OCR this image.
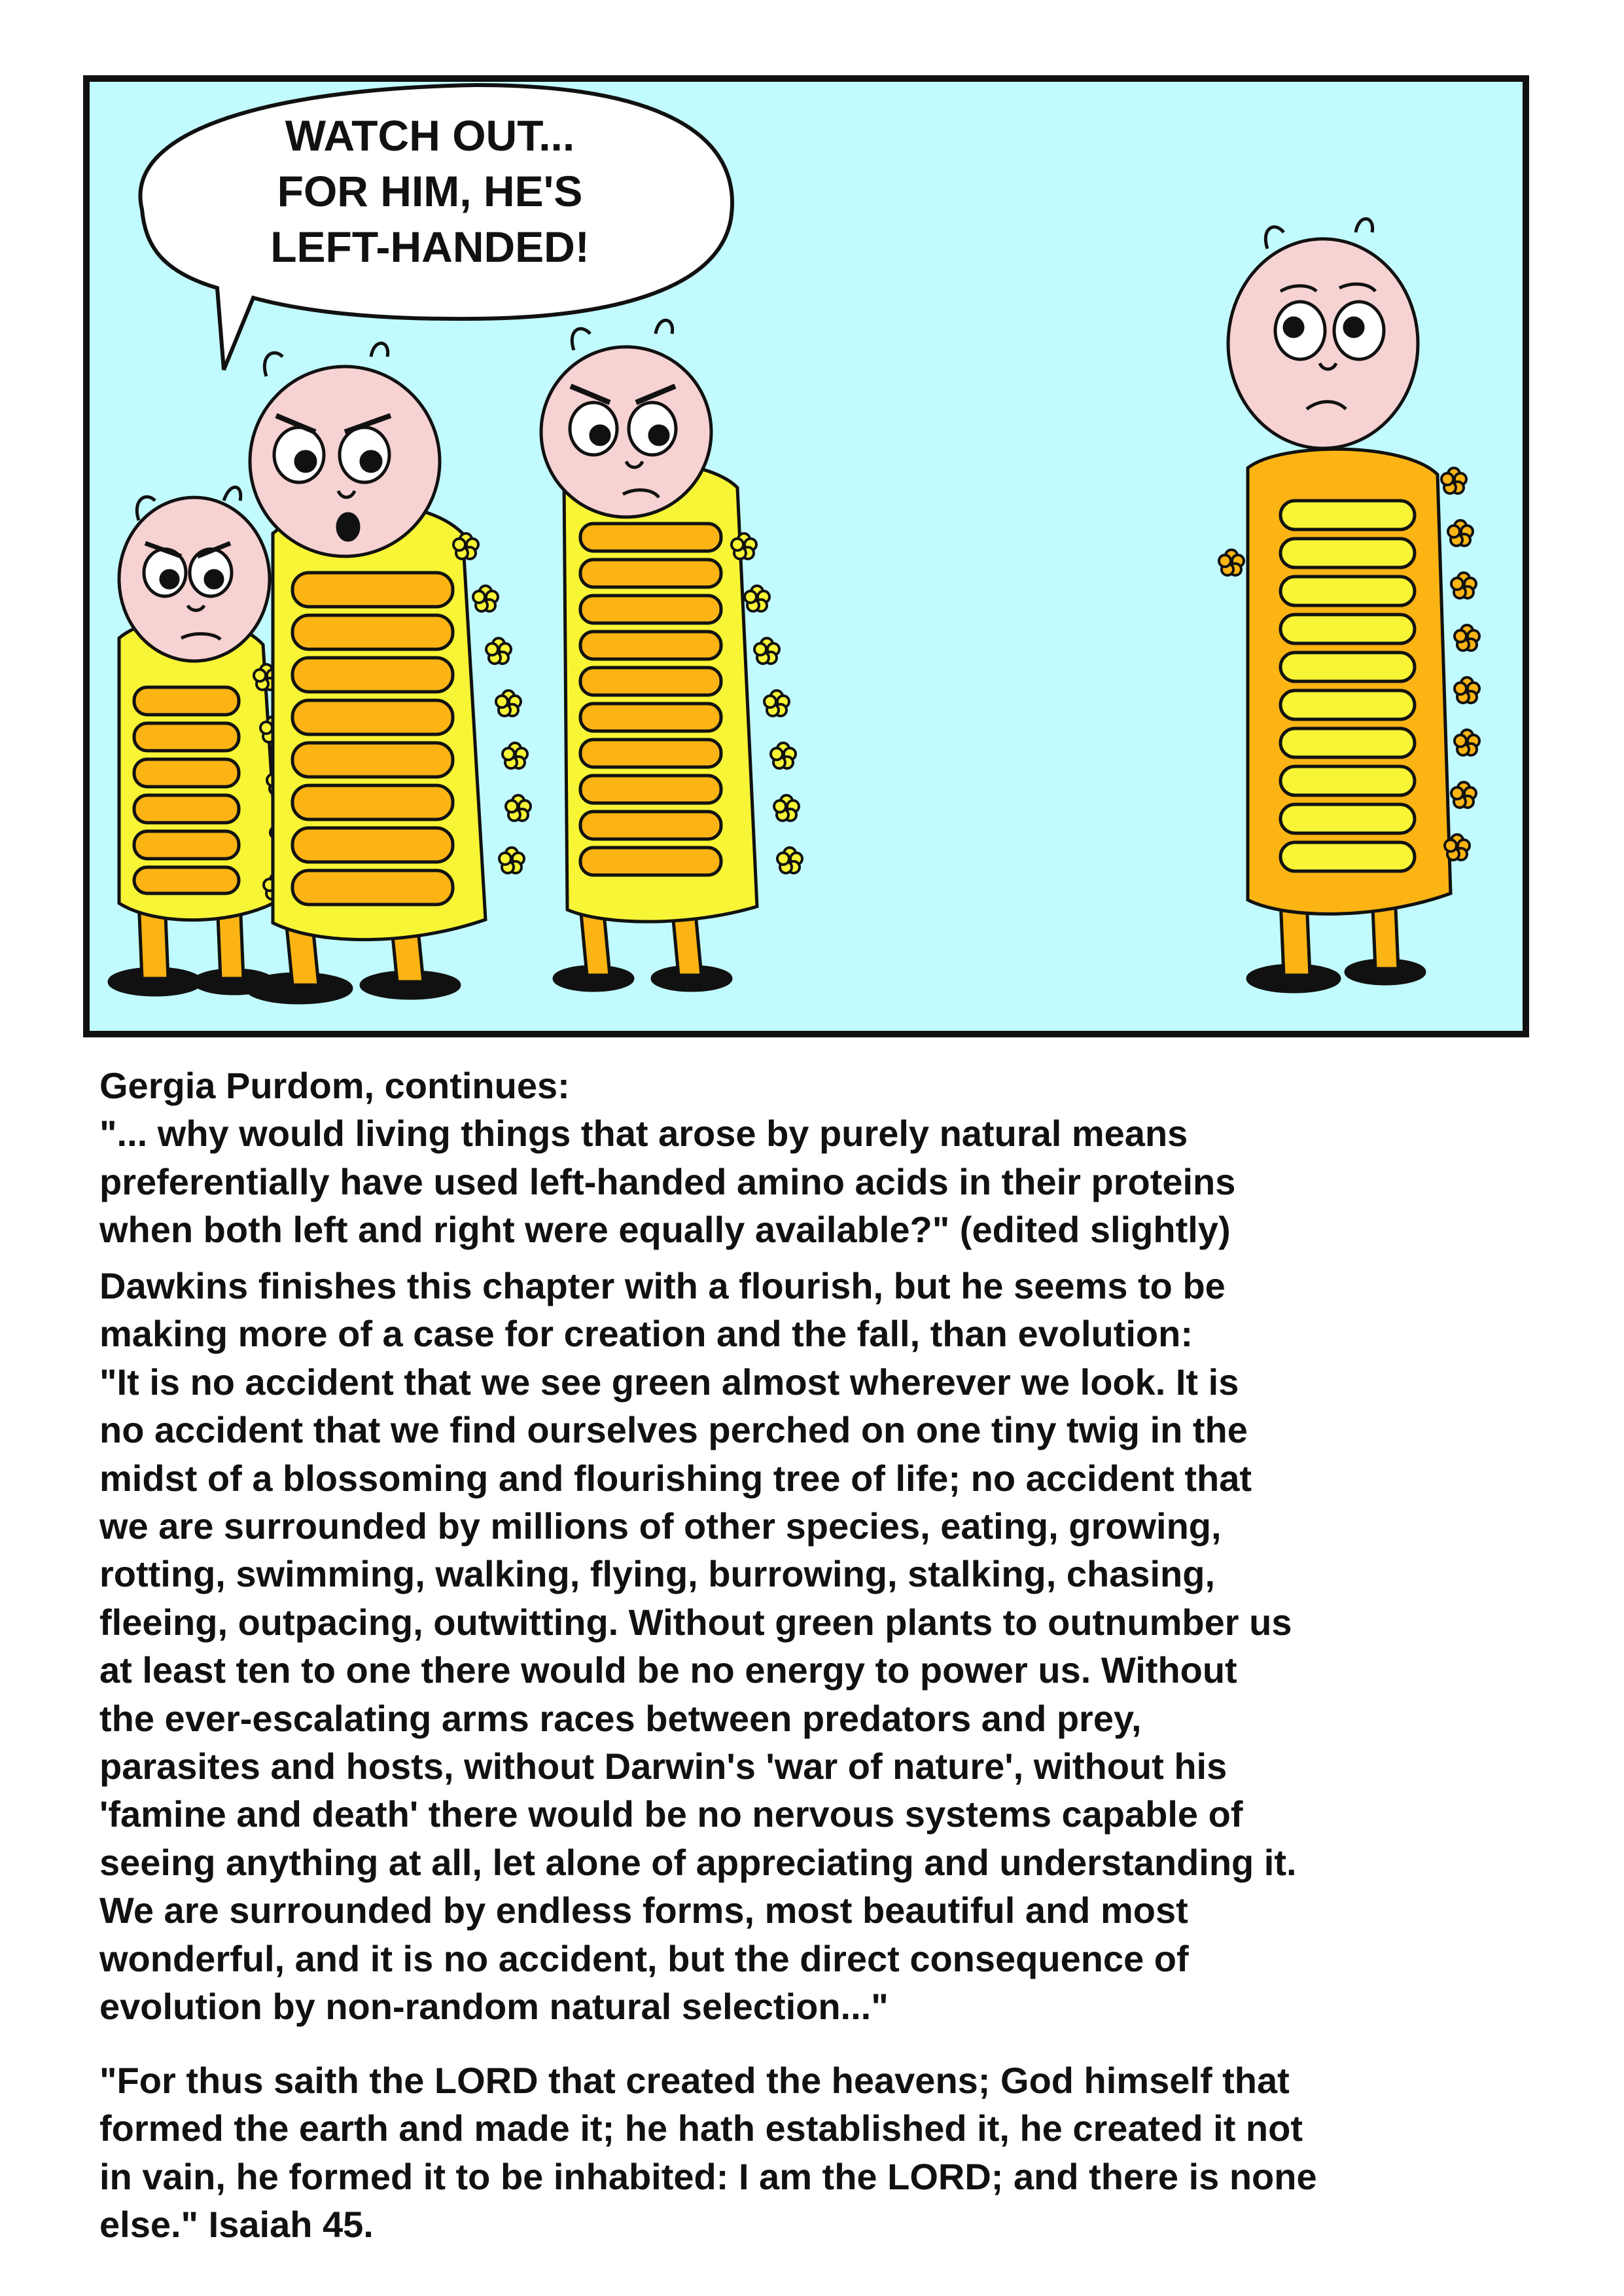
WATCH OUT...
FOR HIM, HE'S
LEFT-HANDED!

Gergia Purdom, continues:

"... why would living things that arose by purely natural means

preferentially have used left-handed amino acids in their proteins

when both left and right were equally available?" (edited slightly)

Dawkins finishes this chapter with a flourish, but he seems to be

making more of a case for creation and the fall, than evolution:

"It is no accident that we see green almost wherever we look. It is

no accident that we find ourselves perched on one tiny twig in the

midst of a blossoming and flourishing tree of life; no accident that

we are surrounded by millions of other species, eating, growing,

rotting, swimming, walking, flying, burrowing, stalking, chasing,

fleeing, outpacing, outwitting. Without green plants to outnumber us

at least ten to one there would be no energy to power us. Without

the ever-escalating arms races between predators and prey,

parasites and hosts, without Darwin's 'war of nature', without his

'famine and death' there would be no nervous systems capable of

seeing anything at all, let alone of appreciating and understanding it.

We are surrounded by endless forms, most beautiful and most

wonderful, and it is no accident, but the direct consequence of

evolution by non-random natural selection..."

"For thus saith the LORD that created the heavens; God himself that

formed the earth and made it; he hath established it, he created it not

in vain, he formed it to be inhabited: I am the LORD; and there is none

else." Isaiah 45.
